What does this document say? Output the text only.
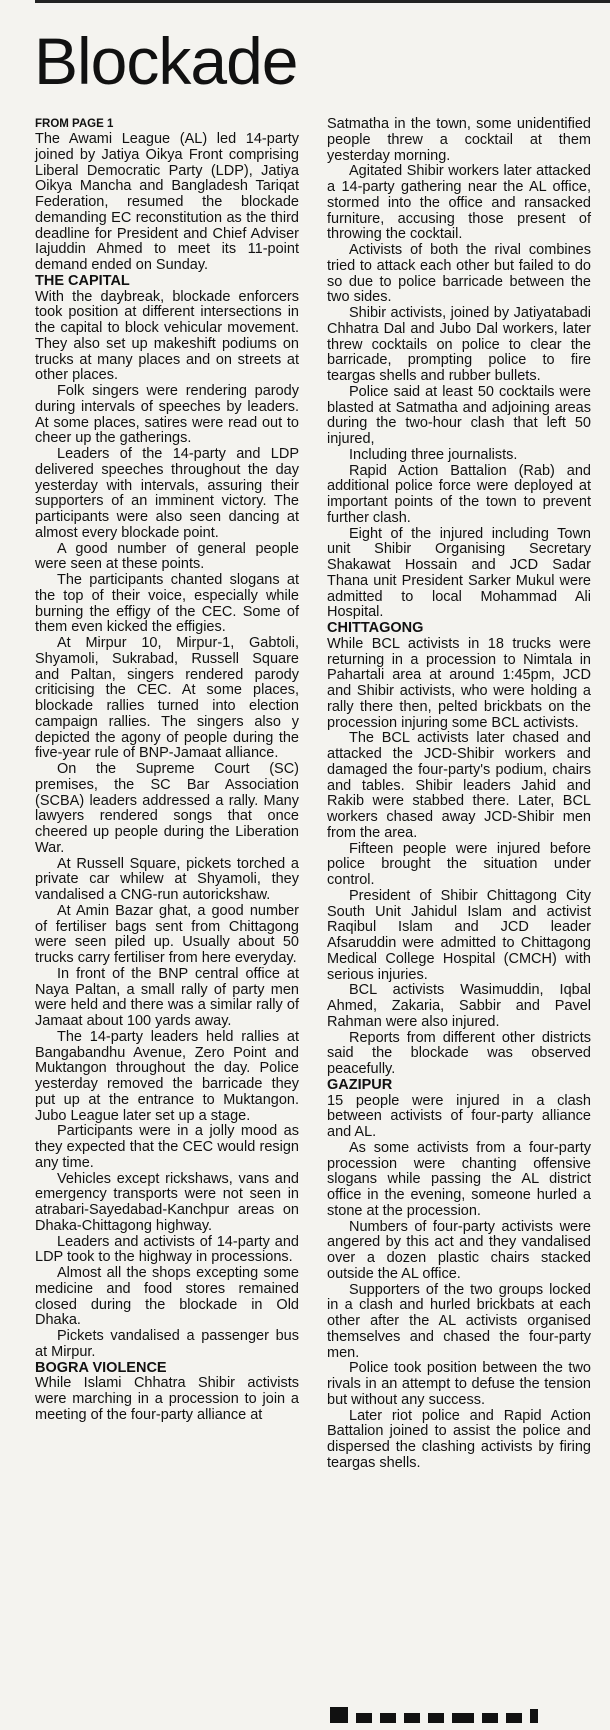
Blockade
FROM PAGE 1

The Awami League (AL) led 14-party joined by Jatiya Oikya Front comprising Liberal Democratic Party (LDP), Jatiya Oikya Mancha and Bangladesh Tariqat Federation, resumed the blockade demanding EC reconstitution as the third deadline for President and Chief Adviser Iajuddin Ahmed to meet its 11-point demand ended on Sunday.

THE CAPITAL

With the daybreak, blockade enforcers took position at different intersections in the capital to block vehicular movement. They also set up makeshift podiums on trucks at many places and on streets at other places.

Folk singers were rendering parody during intervals of speeches by leaders. At some places, satires were read out to cheer up the gatherings.

Leaders of the 14-party and LDP delivered speeches throughout the day yesterday with intervals, assuring their supporters of an imminent victory. The participants were also seen dancing at almost every blockade point.

A good number of general people were seen at these points.

The participants chanted slogans at the top of their voice, especially while burning the effigy of the CEC. Some of them even kicked the effigies.

At Mirpur 10, Mirpur-1, Gabtoli, Shyamoli, Sukrabad, Russell Square and Paltan, singers rendered parody criticising the CEC. At some places, blockade rallies turned into election campaign rallies. The singers also y depicted the agony of people during the five-year rule of BNP-Jamaat alliance.

On the Supreme Court (SC) premises, the SC Bar Association (SCBA) leaders addressed a rally. Many lawyers rendered songs that once cheered up people during the Liberation War.

At Russell Square, pickets torched a private car whilew at Shyamoli, they vandalised a CNG-run autorickshaw.

At Amin Bazar ghat, a good number of fertiliser bags sent from Chittagong were seen piled up. Usually about 50 trucks carry fertiliser from here everyday.

In front of the BNP central office at Naya Paltan, a small rally of party men were held and there was a similar rally of Jamaat about 100 yards away.

The 14-party leaders held rallies at Bangabandhu Avenue, Zero Point and Muktangon throughout the day. Police yesterday removed the barricade they put up at the entrance to Muktangon. Jubo League later set up a stage.

Participants were in a jolly mood as they expected that the CEC would resign any time.

Vehicles except rickshaws, vans and emergency transports were not seen in atrabari-Sayedabad-Kanchpur areas on Dhaka-Chittagong highway.

Leaders and activists of 14-party and LDP took to the highway in processions.

Almost all the shops excepting some medicine and food stores remained closed during the blockade in Old Dhaka.

Pickets vandalised a passenger bus at Mirpur.

BOGRA VIOLENCE

While Islami Chhatra Shibir activists were marching in a procession to join a meeting of the four-party alliance at

Satmatha in the town, some unidentified people threw a cocktail at them yesterday morning.

Agitated Shibir workers later attacked a 14-party gathering near the AL office, stormed into the office and ransacked furniture, accusing those present of throwing the cocktail.

Activists of both the rival combines tried to attack each other but failed to do so due to police barricade between the two sides.

Shibir activists, joined by Jatiyatabadi Chhatra Dal and Jubo Dal workers, later threw cocktails on police to clear the barricade, prompting police to fire teargas shells and rubber bullets.

Police said at least 50 cocktails were blasted at Satmatha and adjoining areas during the two-hour clash that left 50 injured,

Including three journalists.

Rapid Action Battalion (Rab) and additional police force were deployed at important points of the town to prevent further clash.

Eight of the injured including Town unit Shibir Organising Secretary Shakawat Hossain and JCD Sadar Thana unit President Sarker Mukul were admitted to local Mohammad Ali Hospital.

CHITTAGONG

While BCL activists in 18 trucks were returning in a procession to Nimtala in Pahartali area at around 1:45pm, JCD and Shibir activists, who were holding a rally there then, pelted brickbats on the procession injuring some BCL activists.

The BCL activists later chased and attacked the JCD-Shibir workers and damaged the four-party's podium, chairs and tables. Shibir leaders Jahid and Rakib were stabbed there. Later, BCL workers chased away JCD-Shibir men from the area.

Fifteen people were injured before police brought the situation under control.

President of Shibir Chittagong City South Unit Jahidul Islam and activist Raqibul Islam and JCD leader Afsaruddin were admitted to Chittagong Medical College Hospital (CMCH) with serious injuries.

BCL activists Wasimuddin, Iqbal Ahmed, Zakaria, Sabbir and Pavel Rahman were also injured.

Reports from different other districts said the blockade was observed peacefully.

GAZIPUR

15 people were injured in a clash between activists of four-party alliance and AL.

As some activists from a four-party procession were chanting offensive slogans while passing the AL district office in the evening, someone hurled a stone at the procession.

Numbers of four-party activists were angered by this act and they vandalised over a dozen plastic chairs stacked outside the AL office.

Supporters of the two groups locked in a clash and hurled brickbats at each other after the AL activists organised themselves and chased the four-party men.

Police took position between the two rivals in an attempt to defuse the tension but without any success.

Later riot police and Rapid Action Battalion joined to assist the police and dispersed the clashing activists by firing teargas shells.
